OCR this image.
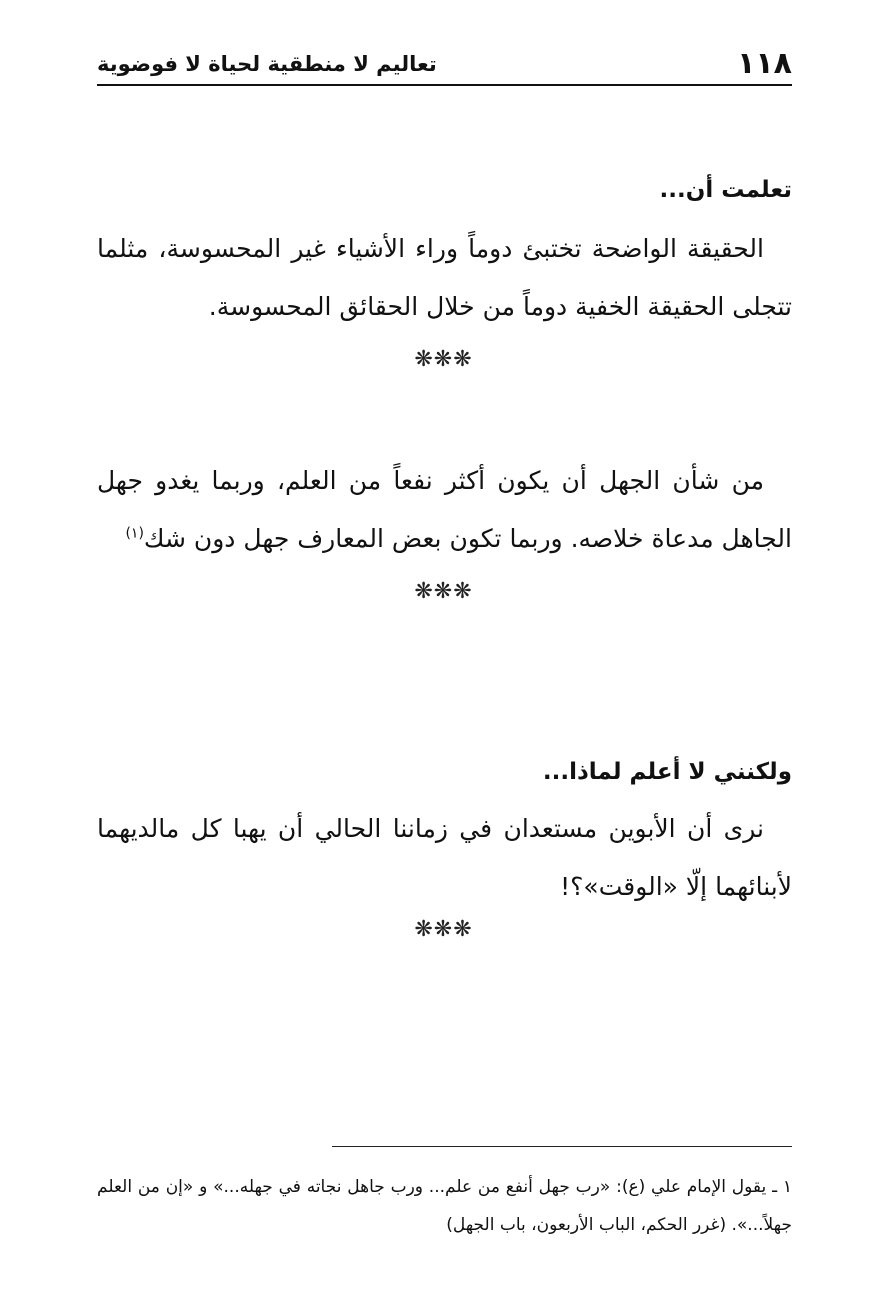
١١٨
تعاليم لا منطقية لحياة لا فوضوية
تعلمت أن...

الحقيقة الواضحة تختبئ دوماً وراء الأشياء غير المحسوسة، مثلما تتجلى الحقيقة الخفية دوماً من خلال الحقائق المحسوسة.

❋❋❋

من شأن الجهل أن يكون أكثر نفعاً من العلم، وربما يغدو جهل الجاهل مدعاة خلاصه. وربما تكون بعض المعارف جهل دون شك$^{(١)}$

❋❋❋
ولكنني لا أعلم لماذا...

نرى أن الأبوين مستعدان في زماننا الحالي أن يهبا كل مالديهما لأبنائهما إلّا «الوقت»؟!

❋❋❋
١ ـ يقول الإمام علي (ع): «رب جهل أنفع من علم... ورب جاهل نجاته في جهله...» و «إن من العلم جهلاً...». (غرر الحكم، الباب الأربعون، باب الجهل)
